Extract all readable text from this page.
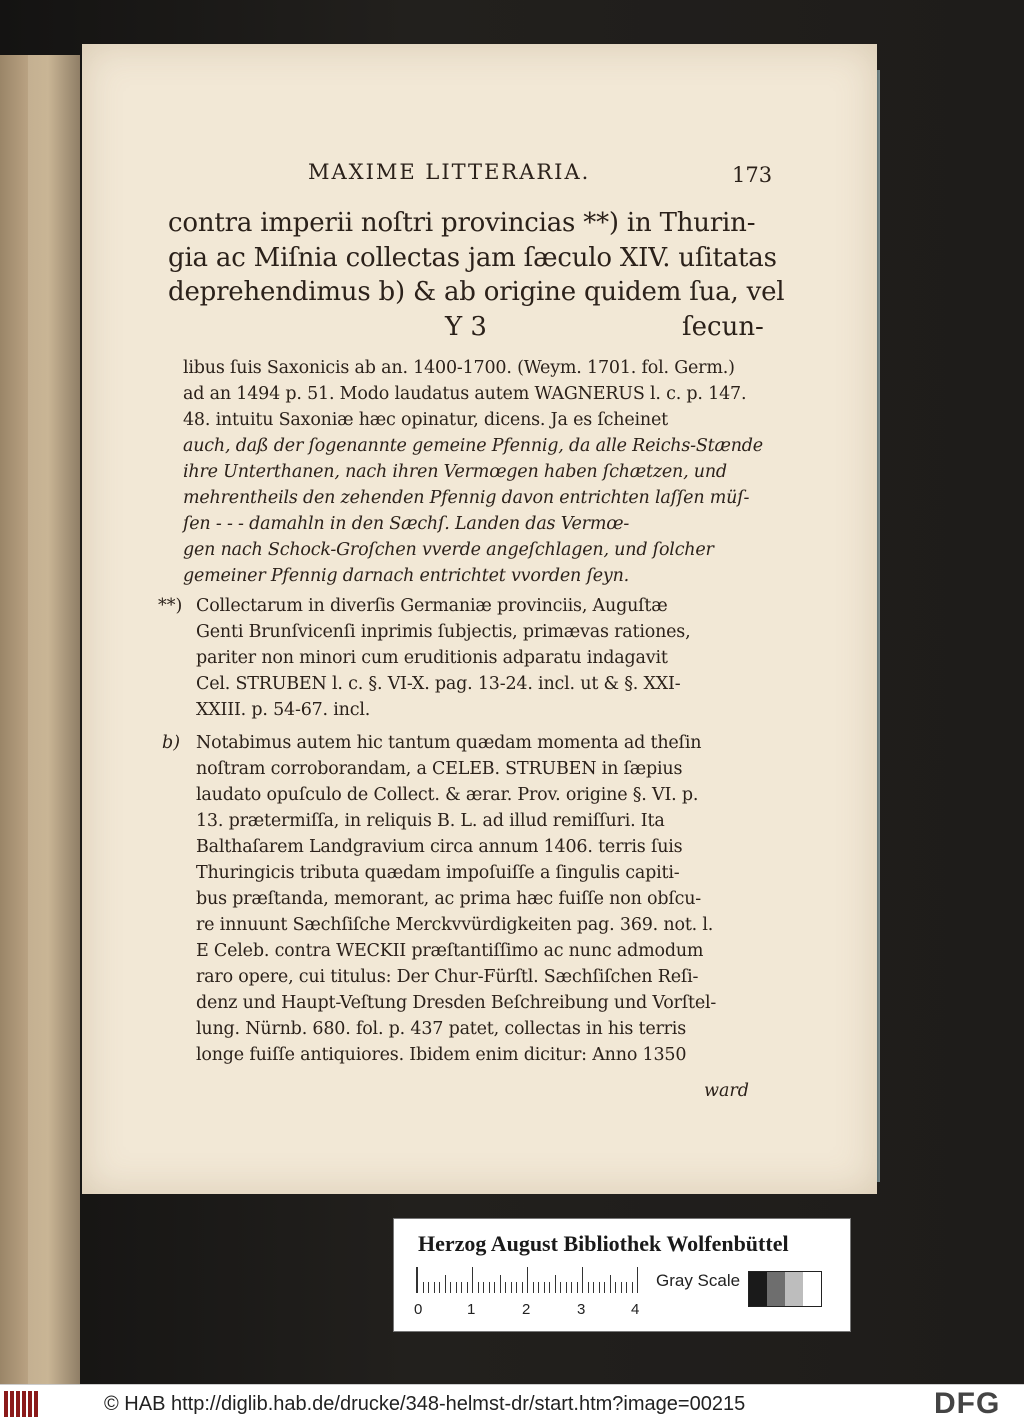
MAXIME LITTERARIA.	173
contra imperii noſtri provincias **) in Thurin-
gia ac Miſnia collectas jam ſæculo XIV. uſitatas
deprehendimus b) & ab origine quidem ſua, vel
Y 3	ſecun-
libus ſuis Saxonicis ab an. 1400-1700. (Weym. 1701. fol. Germ.)
ad an 1494 p. 51. Modo laudatus autem WAGNERUS l. c. p. 147.
48. intuitu Saxoniæ hæc opinatur, dicens. Ja es ſcheinet
auch, daß der ſogenannte gemeine Pfennig, da alle Reichs-Stænde
ihre Unterthanen, nach ihren Vermœgen haben ſchætzen, und
mehrentheils den zehenden Pfennig davon entrichten laſſen müſ-
ſen - - - damahln in den Sæchſ. Landen das Vermœ-
gen nach Schock-Groſchen vverde angeſchlagen, und ſolcher
gemeiner Pfennig darnach entrichtet vvorden ſeyn.
**) Collectarum in diverſis Germaniæ provinciis, Auguſtæ
Genti Brunſvicenſi inprimis ſubjectis, primævas rationes,
pariter non minori cum eruditionis adparatu indagavit
Cel. STRUBEN l. c. §. VI-X. pag. 13-24. incl. ut & §. XXI-
XXIII. p. 54-67. incl.
b) Notabimus autem hic tantum quædam momenta ad theſin
noſtram corroborandam, a CELEB. STRUBEN in ſæpius
laudato opuſculo de Collect. & ærar. Prov. origine §. VI. p.
13. prætermiſſa, in reliquis B. L. ad illud remiſſuri. Ita
Balthaſarem Landgravium circa annum 1406. terris ſuis
Thuringicis tributa quædam impoſuiſſe a ſingulis capiti-
bus præſtanda, memorant, ac prima hæc fuiſſe non obſcu-
re innuunt Sæchſiſche Merckvvürdigkeiten pag. 369. not. l.
E Celeb. contra WECKII præſtantiſſimo ac nunc admodum
raro opere, cui titulus: Der Chur-Fürſtl. Sæchſiſchen Reſi-
denz und Haupt-Veſtung Dresden Beſchreibung und Vorſtel-
lung. Nürnb. 680. fol. p. 437 patet, collectas in his terris
longe fuiſſe antiquiores. Ibidem enim dicitur: Anno 1350
ward
Herzog August Bibliothek Wolfenbüttel
0	1	2	3	4
Gray Scale
© HAB http://diglib.hab.de/drucke/348-helmst-dr/start.htm?image=00215	DFG
